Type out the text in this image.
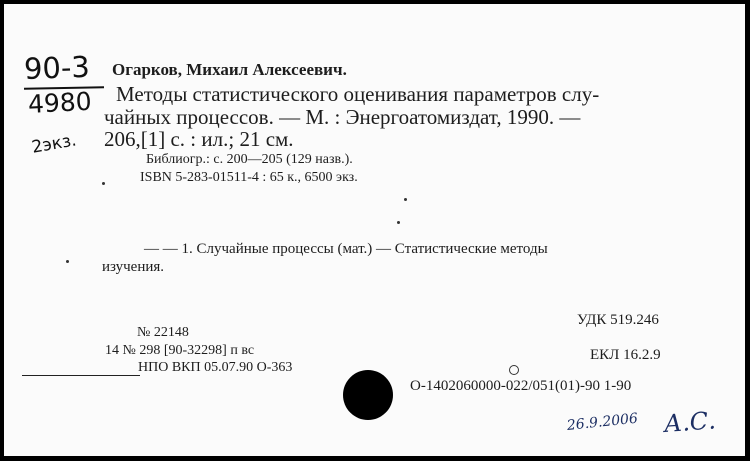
90-3
4980
2экз.
Огарков, Михаил Алексеевич.
Методы статистического оценивания параметров слу-
чайных процессов. — М. : Энергоатомиздат, 1990. —
206,[1] с. : ил.; 21 см.
Библиогр.: с. 200—205 (129 назв.).
ISBN 5-283-01511-4 : 65 к., 6500 экз.
— — 1. Случайные процессы (мат.) — Статистические методы
изучения.
УДК 519.246
ЕКЛ 16.2.9
№ 22148
14 № 298 [90-32298] п вс
НПО ВКП 05.07.90 О-363
О-1402060000-022/051(01)-90 1-90
26.9.2006 А.С.
